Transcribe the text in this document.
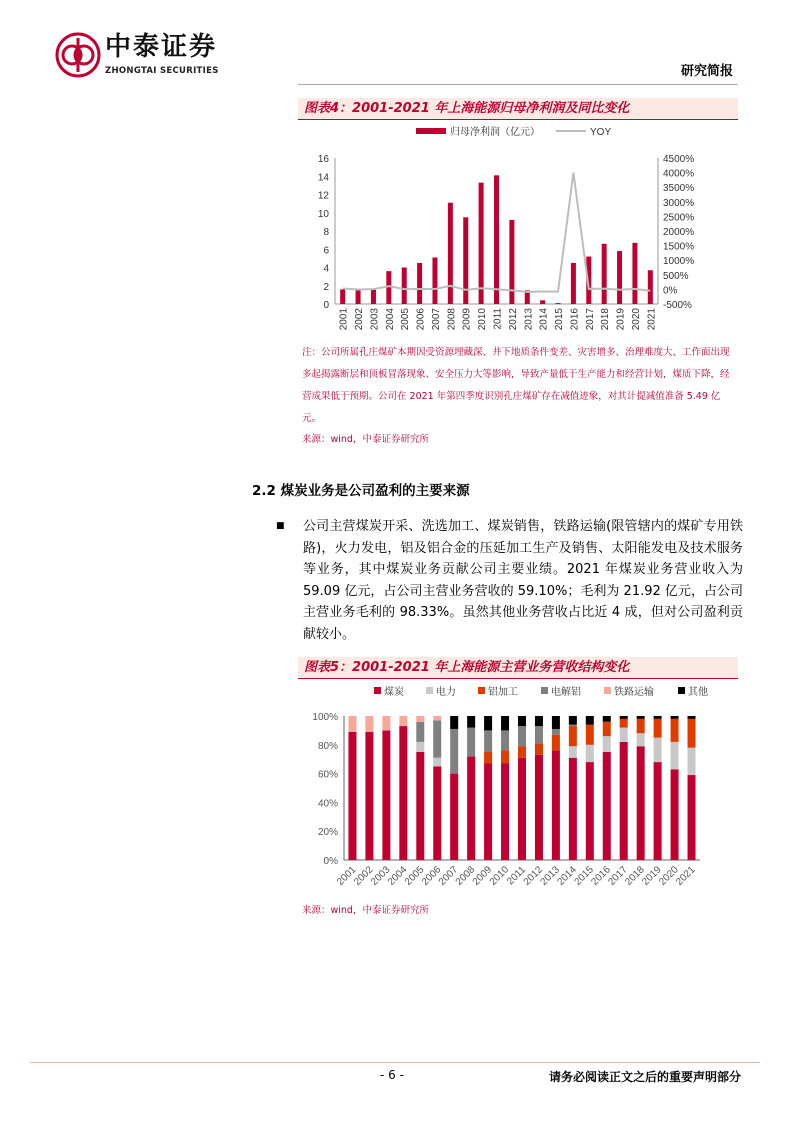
中泰证券
ZHONGTAI SECURITIES	研究简报
图表4：2001-2021 年上海能源归母净利润及同比变化
归母净利润（亿元）	YOY
0
2
4
6
8
10
12
14
16
-500%
0%
500%
1000%
1500%
2000%
2500%
3000%
3500%
4000%
4500%
2001 2002 2003 2004 2005 2006 2007 2008 2009 2010 2011 2012 2013 2014 2015 2016 2017 2018 2019 2020 2021
注：公司所属孔庄煤矿本期因受资源埋藏深、井下地质条件变差、灾害增多、治理难度大、工作面出现多起揭露断层和顶板冒落现象、安全压力大等影响，导致产量低于生产能力和经营计划，煤质下降，经营成果低于预期。公司在 2021 年第四季度识别孔庄煤矿存在减值迹象，对其计提减值准备 5.49 亿元。
来源：wind，中泰证券研究所
2.2 煤炭业务是公司盈利的主要来源
■ 公司主营煤炭开采、洗选加工、煤炭销售，铁路运输(限管辖内的煤矿专用铁路)，火力发电，铝及铝合金的压延加工生产及销售、太阳能发电及技术服务等业务，其中煤炭业务贡献公司主要业绩。2021 年煤炭业务营业收入为 59.09 亿元，占公司主营业务营收的 59.10%；毛利为 21.92 亿元，占公司主营业务毛利的 98.33%。虽然其他业务营收占比近 4 成，但对公司盈利贡献较小。
图表5：2001-2021 年上海能源主营业务营收结构变化
煤炭	电力	铝加工	电解铝	铁路运输	其他
0%
20%
40%
60%
80%
100%
2001
2002
2003
2004
2005
2006
2007
2008
2009
2010
2011
2012
2013
2014
2015
2016
2017
2018
2019
2020
2021
来源：wind，中泰证券研究所
- 6 -	请务必阅读正文之后的重要声明部分
